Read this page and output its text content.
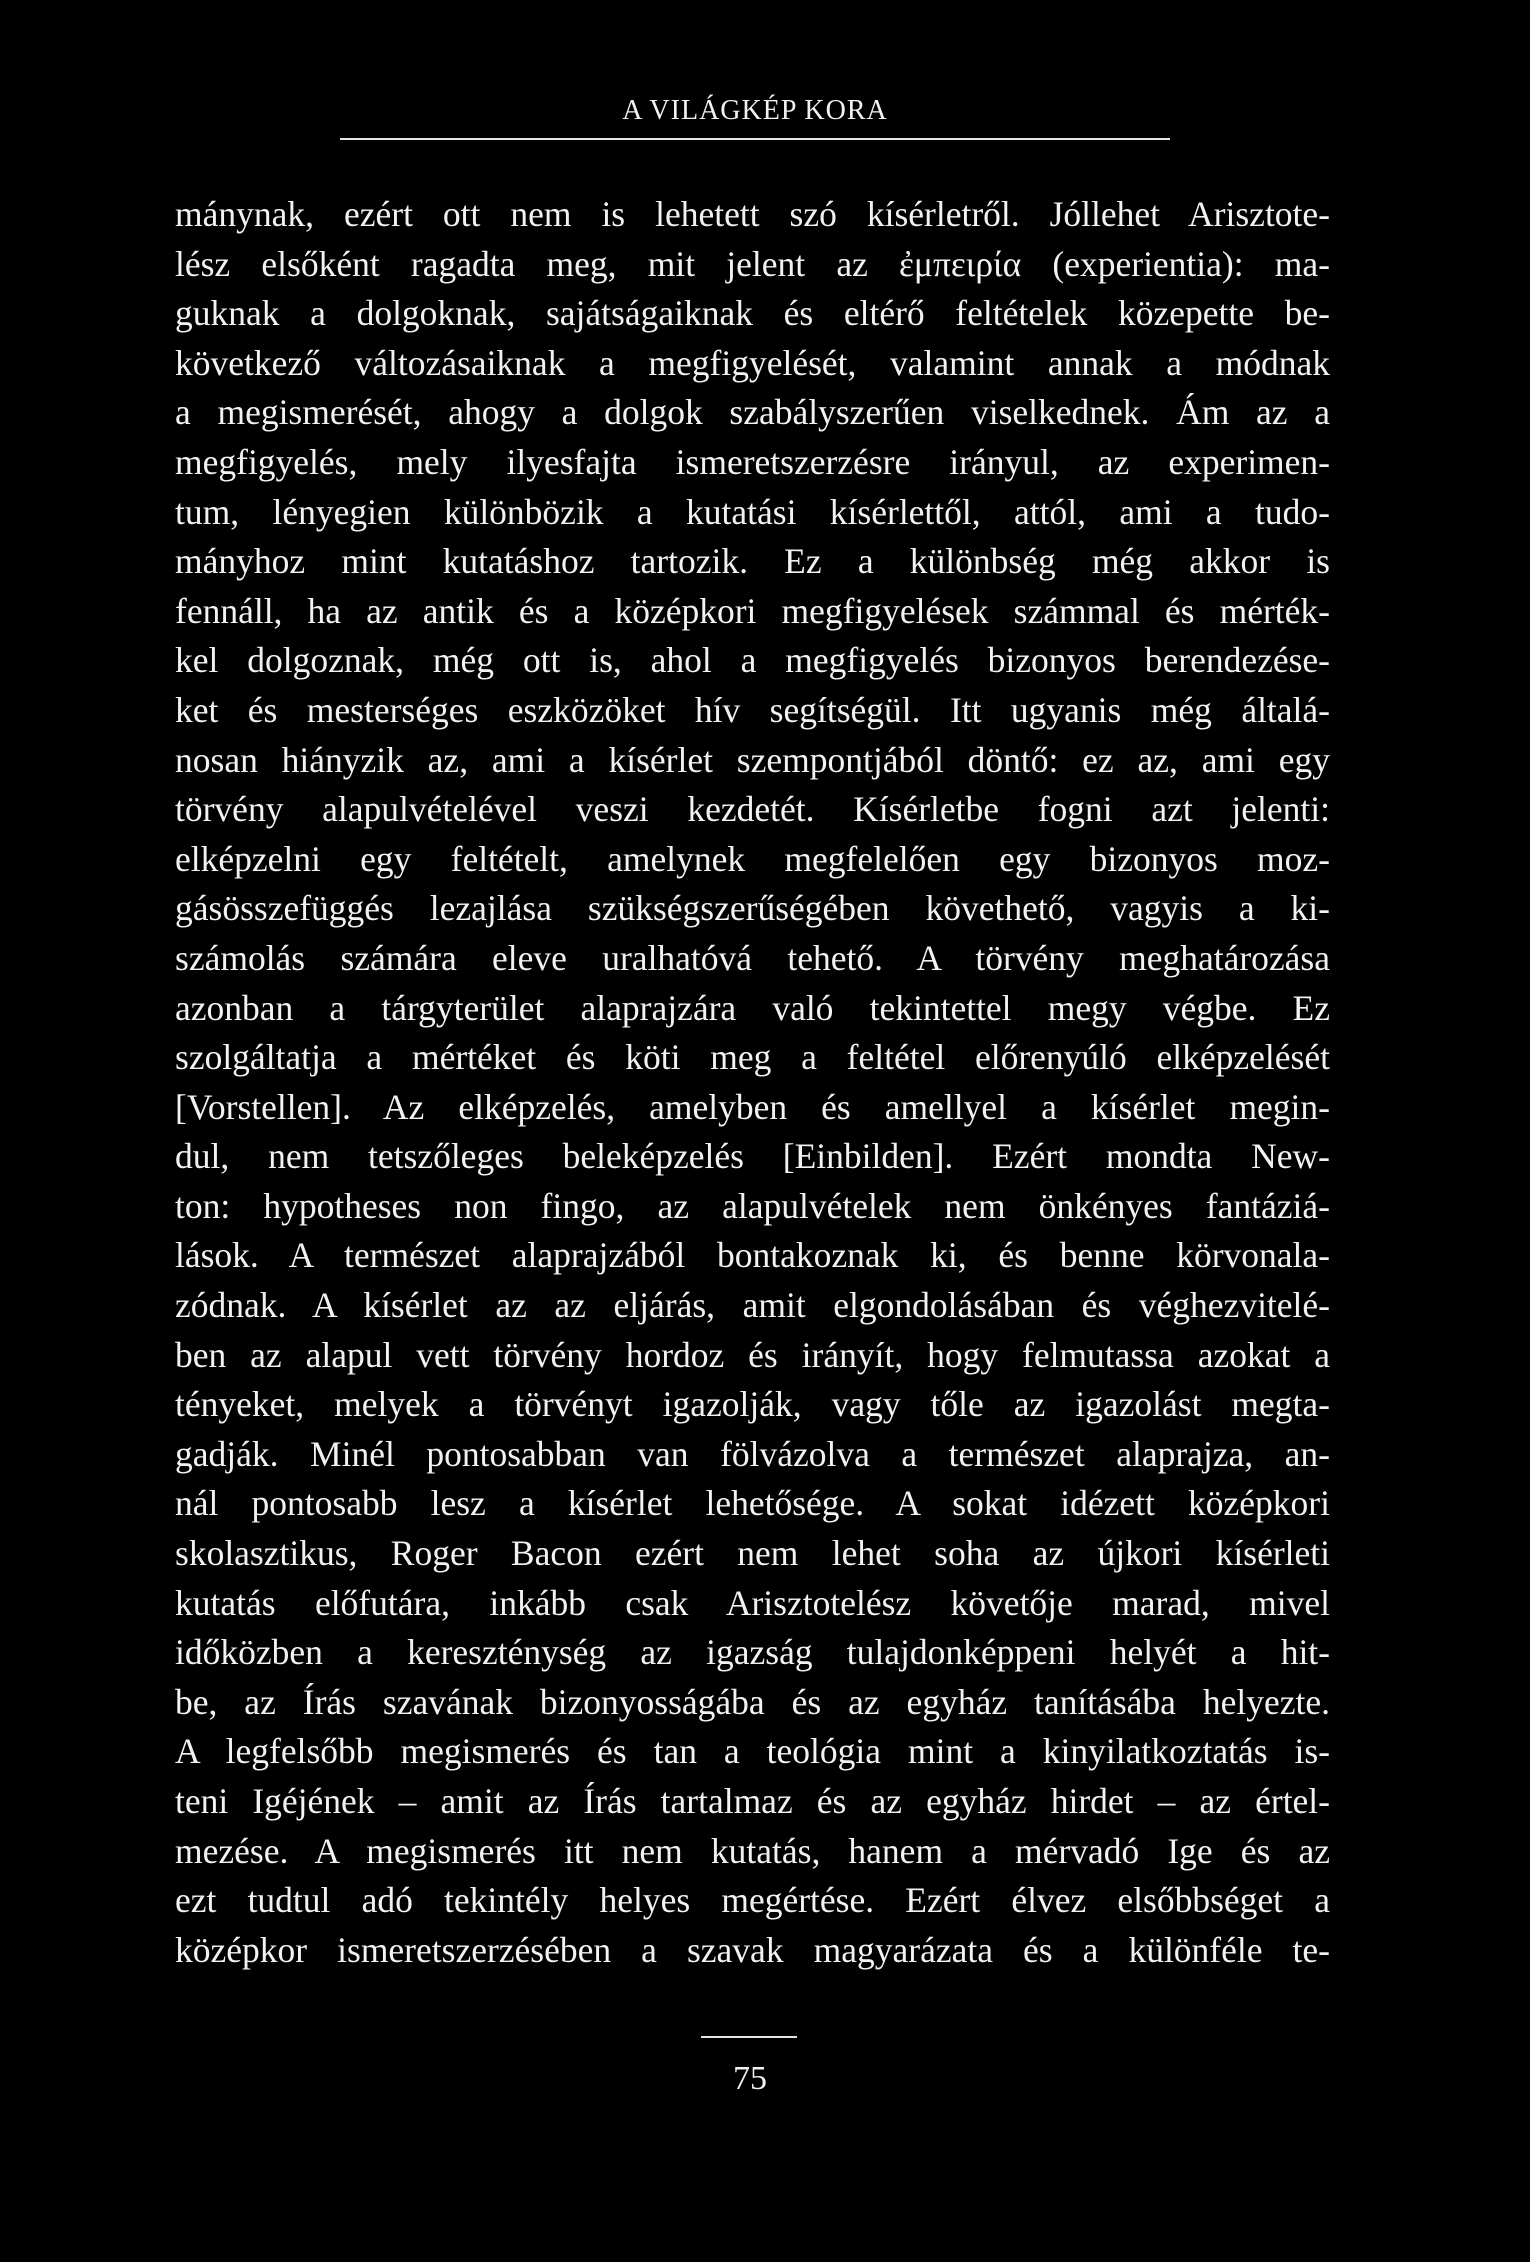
A VILÁGKÉP KORA
mánynak, ezért ott nem is lehetett szó kísérletről. Jóllehet Arisztote-
lész elsőként ragadta meg, mit jelent az ἐμπειρία (experientia): ma-
guknak a dolgoknak, sajátságaiknak és eltérő feltételek közepette be-
következő változásaiknak a megfigyelését, valamint annak a módnak
a megismerését, ahogy a dolgok szabályszerűen viselkednek. Ám az a
megfigyelés, mely ilyesfajta ismeretszerzésre irányul, az experimen-
tum, lényegien különbözik a kutatási kísérlettől, attól, ami a tudo-
mányhoz mint kutatáshoz tartozik. Ez a különbség még akkor is
fennáll, ha az antik és a középkori megfigyelések számmal és mérték-
kel dolgoznak, még ott is, ahol a megfigyelés bizonyos berendezése-
ket és mesterséges eszközöket hív segítségül. Itt ugyanis még általá-
nosan hiányzik az, ami a kísérlet szempontjából döntő: ez az, ami egy
törvény alapulvételével veszi kezdetét. Kísérletbe fogni azt jelenti:
elképzelni egy feltételt, amelynek megfelelően egy bizonyos moz-
gásösszefüggés lezajlása szükségszerűségében követhető, vagyis a ki-
számolás számára eleve uralhatóvá tehető. A törvény meghatározása
azonban a tárgyterület alaprajzára való tekintettel megy végbe. Ez
szolgáltatja a mértéket és köti meg a feltétel előrenyúló elképzelését
[Vorstellen]. Az elképzelés, amelyben és amellyel a kísérlet megin-
dul, nem tetszőleges beleképzelés [Einbilden]. Ezért mondta New-
ton: hypotheses non fingo, az alapulvételek nem önkényes fantáziá-
lások. A természet alaprajzából bontakoznak ki, és benne körvonala-
zódnak. A kísérlet az az eljárás, amit elgondolásában és véghezvitelé-
ben az alapul vett törvény hordoz és irányít, hogy felmutassa azokat a
tényeket, melyek a törvényt igazolják, vagy tőle az igazolást megta-
gadják. Minél pontosabban van fölvázolva a természet alaprajza, an-
nál pontosabb lesz a kísérlet lehetősége. A sokat idézett középkori
skolasztikus, Roger Bacon ezért nem lehet soha az újkori kísérleti
kutatás előfutára, inkább csak Arisztotelész követője marad, mivel
időközben a kereszténység az igazság tulajdonképpeni helyét a hit-
be, az Írás szavának bizonyosságába és az egyház tanításába helyezte.
A legfelsőbb megismerés és tan a teológia mint a kinyilatkoztatás is-
teni Igéjének – amit az Írás tartalmaz és az egyház hirdet – az értel-
mezése. A megismerés itt nem kutatás, hanem a mérvadó Ige és az
ezt tudtul adó tekintély helyes megértése. Ezért élvez elsőbbséget a
középkor ismeretszerzésében a szavak magyarázata és a különféle te-
75
